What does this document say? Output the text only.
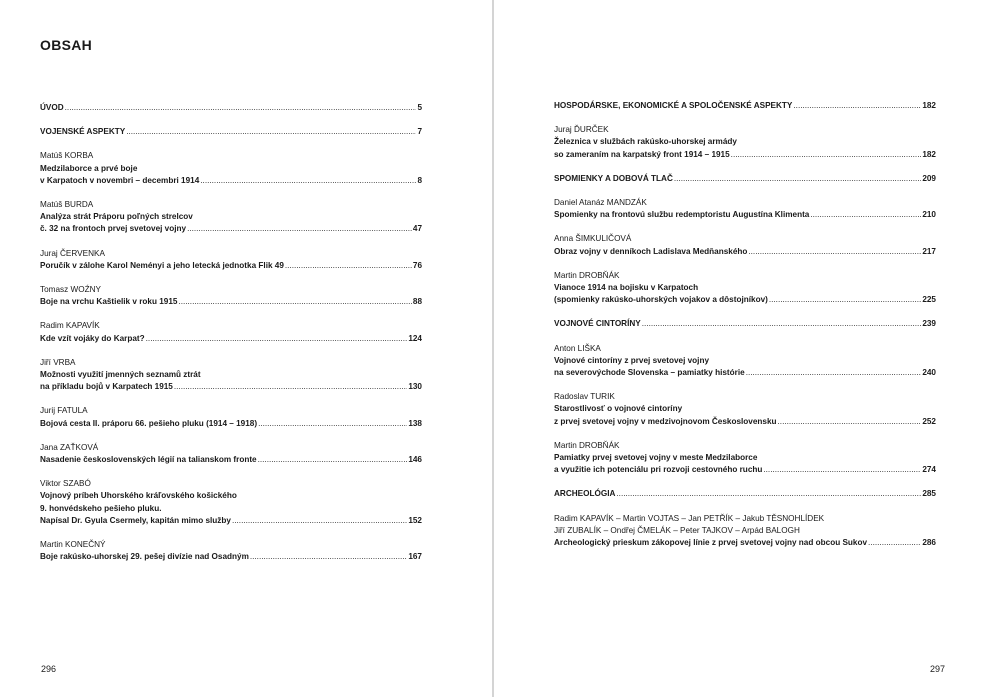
OBSAH
ÚVOD .....	5
VOJENSKÉ ASPEKTY .....	7
Matúš KORBA
Medzilaborce a prvé boje
v Karpatoch v novembri – decembri 1914 .....	8
Matúš BURDA
Analýza strát Práporu poľných strelcov
č. 32 na frontoch prvej svetovej vojny .....	47
Juraj ČERVENKA
Poručík v zálohe Karol Neményi a jeho letecká jednotka Flik 49 .....	76
Tomasz WOŹNY
Boje na vrchu Kaštielik v roku 1915 .....	88
Radim KAPAVÍK
Kde vzít vojáky do Karpat? .....	124
Jiří VRBA
Možnosti využití jmenných seznamů ztrát
na příkladu bojů v Karpatech 1915 .....	130
Jurij FATULA
Bojová cesta II. práporu 66. pešieho pluku (1914 – 1918) .....	138
Jana ZAŤKOVÁ
Nasadenie československých légií na talianskom fronte .....	146
Viktor SZABÓ
Vojnový príbeh Uhorského kráľovského košického
9. honvédskeho pešieho pluku.
Napísal Dr. Gyula Csermely, kapitán mimo služby .....	152
Martin KONEČNÝ
Boje rakúsko-uhorskej 29. pešej divízie nad Osadným .....	167
296
HOSPODÁRSKE, EKONOMICKÉ A SPOLOČENSKÉ ASPEKTY .....	182
Juraj ĎURČEK
Železnica v službách rakúsko-uhorskej armády
so zameraním na karpatský front 1914 – 1915 .....	182
SPOMIENKY A DOBOVÁ TLAČ .....	209
Daniel Atanáz MANDZÁK
Spomienky na frontovú službu redemptoristu Augustína Klimenta .....	210
Anna ŠIMKULIČOVÁ
Obraz vojny v denníkoch Ladislava Medňanského .....	217
Martin DROBŇÁK
Vianoce 1914 na bojisku v Karpatoch
(spomienky rakúsko-uhorských vojakov a dôstojníkov) .....	225
VOJNOVÉ CINTORÍNY .....	239
Anton LIŠKA
Vojnové cintoríny z prvej svetovej vojny
na severovýchode Slovenska – pamiatky histórie .....	240
Radoslav TURIK
Starostlivosť o vojnové cintoríny
z prvej svetovej vojny v medzivojnovom Československu .....	252
Martin DROBŇÁK
Pamiatky prvej svetovej vojny v meste Medzilaborce
a využitie ich potenciálu pri rozvoji cestovného ruchu .....	274
ARCHEOLÓGIA .....	285
Radim KAPAVÍK – Martin VOJTAS – Jan PETŘÍK – Jakub TĚSNOHLÍDEK
Jiří ZUBALÍK – Ondřej ČMELÁK – Peter TAJKOV – Arpád BALOGH
Archeologický prieskum zákopovej línie z prvej svetovej vojny nad obcou Sukov .....	286
297
